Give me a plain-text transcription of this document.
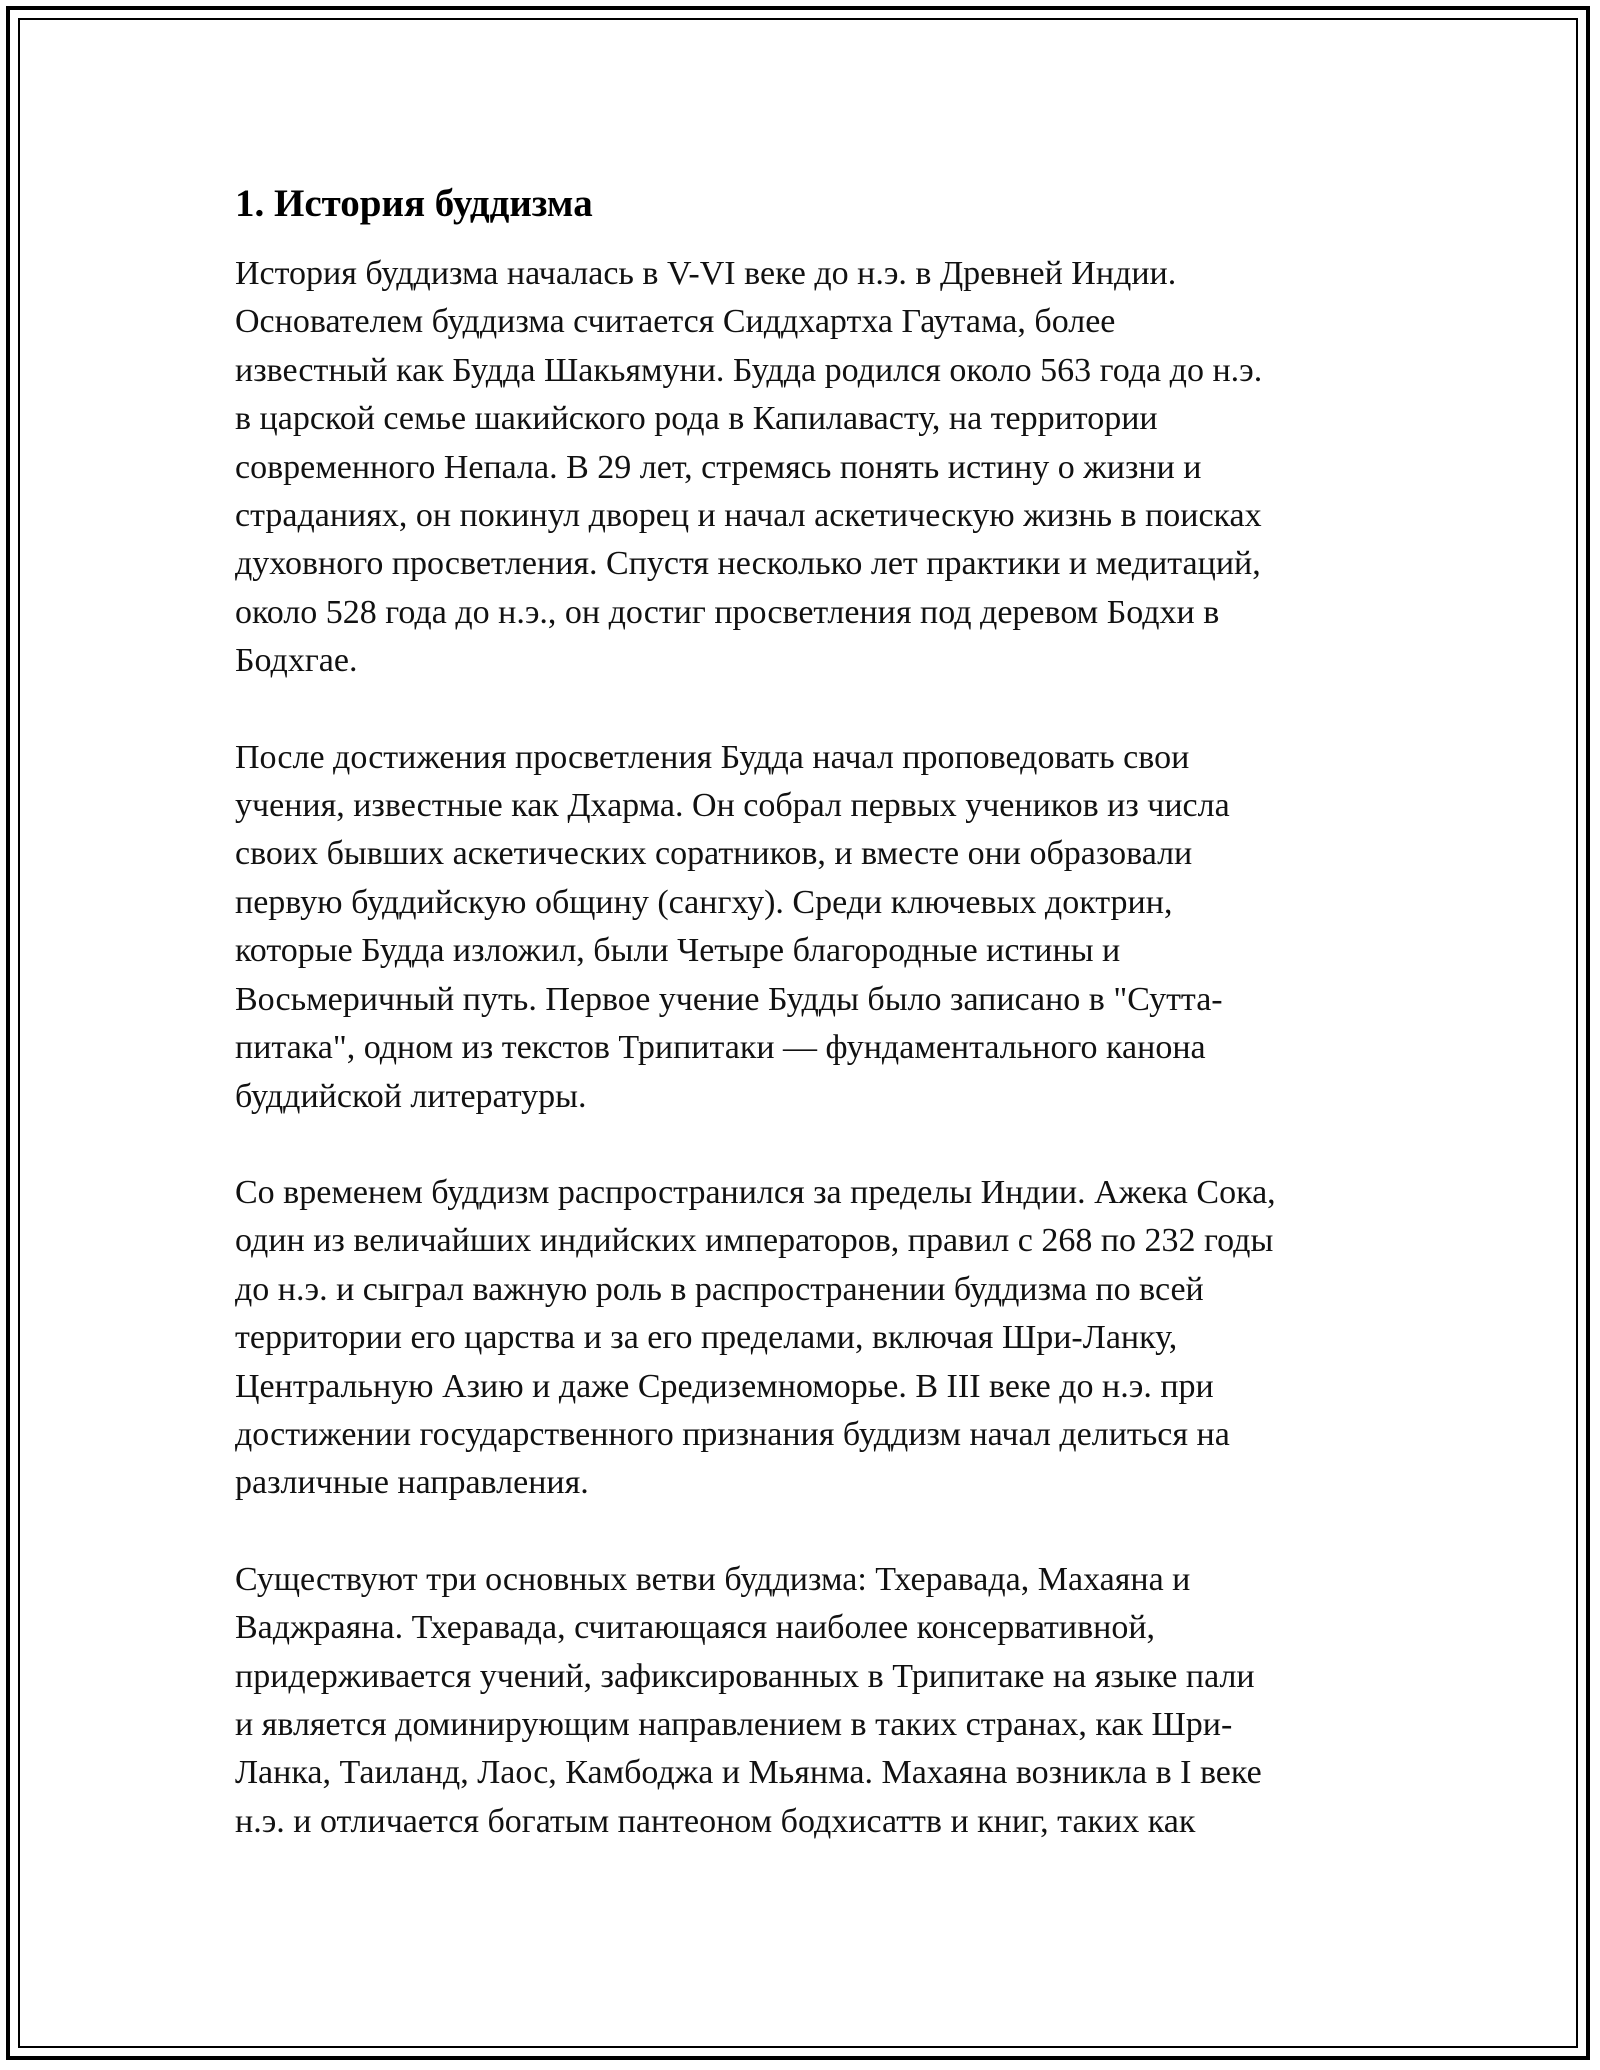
1. История буддизма

История буддизма началась в V-VI веке до н.э. в Древней Индии.
Основателем буддизма считается Сиддхартха Гаутама, более
известный как Будда Шакьямуни. Будда родился около 563 года до н.э.
в царской семье шакийского рода в Капилавасту, на территории
современного Непала. В 29 лет, стремясь понять истину о жизни и
страданиях, он покинул дворец и начал аскетическую жизнь в поисках
духовного просветления. Спустя несколько лет практики и медитаций,
около 528 года до н.э., он достиг просветления под деревом Бодхи в
Бодхгае.

После достижения просветления Будда начал проповедовать свои
учения, известные как Дхарма. Он собрал первых учеников из числа
своих бывших аскетических соратников, и вместе они образовали
первую буддийскую общину (сангху). Среди ключевых доктрин,
которые Будда изложил, были Четыре благородные истины и
Восьмеричный путь. Первое учение Будды было записано в "Сутта-
питака", одном из текстов Трипитаки — фундаментального канона
буддийской литературы.

Со временем буддизм распространился за пределы Индии. Ажека Сока,
один из величайших индийских императоров, правил с 268 по 232 годы
до н.э. и сыграл важную роль в распространении буддизма по всей
территории его царства и за его пределами, включая Шри-Ланку,
Центральную Азию и даже Средиземноморье. В III веке до н.э. при
достижении государственного признания буддизм начал делиться на
различные направления.

Существуют три основных ветви буддизма: Тхеравада, Махаяна и
Ваджраяна. Тхеравада, считающаяся наиболее консервативной,
придерживается учений, зафиксированных в Трипитаке на языке пали
и является доминирующим направлением в таких странах, как Шри-
Ланка, Таиланд, Лаос, Камбоджа и Мьянма. Махаяна возникла в I веке
н.э. и отличается богатым пантеоном бодхисаттв и книг, таких как
